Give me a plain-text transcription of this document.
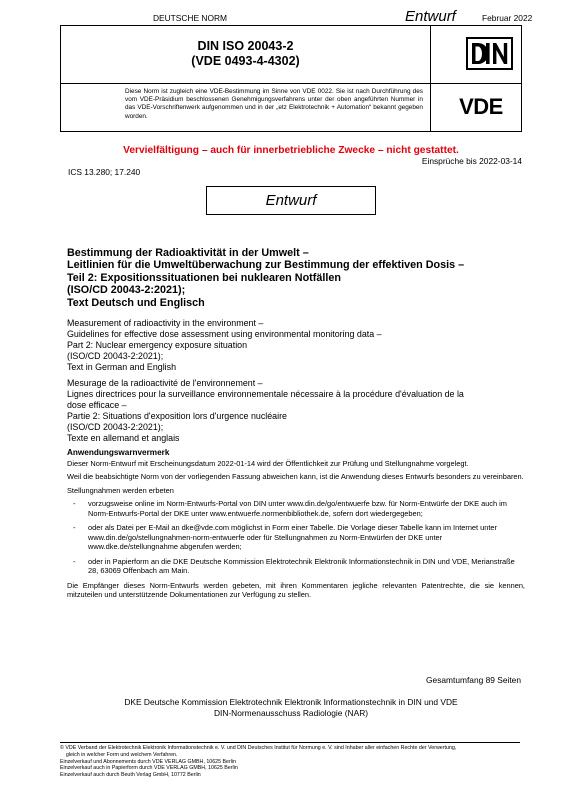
DEUTSCHE NORM	Entwurf	Februar 2022
DIN ISO 20043-2
(VDE 0493-4-4302)
Diese Norm ist zugleich eine VDE-Bestimmung im Sinne von VDE 0022. Sie ist nach Durchführung des vom VDE-Präsidium beschlossenen Genehmigungsverfahrens unter der oben angeführten Nummer in das VDE-Vorschriftenwerk aufgenommen und in der „etz Elektrotechnik + Automation“ bekannt gegeben worden.	VDE
Vervielfältigung – auch für innerbetriebliche Zwecke – nicht gestattet.
Einsprüche bis 2022-03-14
ICS 13.280; 17.240
Entwurf
Bestimmung der Radioaktivität in der Umwelt –
Leitlinien für die Umweltüberwachung zur Bestimmung der effektiven Dosis –
Teil 2: Expositionssituationen bei nuklearen Notfällen
(ISO/CD 20043-2:2021);
Text Deutsch und Englisch
Measurement of radioactivity in the environment –
Guidelines for effective dose assessment using environmental monitoring data –
Part 2: Nuclear emergency exposure situation
(ISO/CD 20043-2:2021);
Text in German and English
Mesurage de la radioactivité de l'environnement –
Lignes directrices pour la surveillance environnementale nécessaire à la procédure d'évaluation de la
dose efficace –
Partie 2: Situations d'exposition lors d'urgence nucléaire
(ISO/CD 20043-2:2021);
Texte en allemand et anglais
Anwendungswarnvermerk

Dieser Norm-Entwurf mit Erscheinungsdatum 2022-01-14 wird der Öffentlichkeit zur Prüfung und Stellungnahme vorgelegt.

Weil die beabsichtigte Norm von der vorliegenden Fassung abweichen kann, ist die Anwendung dieses Entwurfs besonders zu vereinbaren.

Stellungnahmen werden erbeten

-	vorzugsweise online im Norm-Entwurfs-Portal von DIN unter www.din.de/go/entwuerfe bzw. für Norm-Entwürfe der DKE auch im Norm-Entwurfs-Portal der DKE unter www.entwuerfe.normenbibliothek.de, sofern dort wiedergegeben;
-	oder als Datei per E-Mail an dke@vde.com möglichst in Form einer Tabelle. Die Vorlage dieser Tabelle kann im Internet unter www.din.de/go/stellungnahmen-norm-entwuerfe oder für Stellungnahmen zu Norm-Entwürfen der DKE unter www.dke.de/stellungnahme abgerufen werden;
-	oder in Papierform an die DKE Deutsche Kommission Elektrotechnik Elektronik Informationstechnik in DIN und VDE, Merianstraße 28, 63069 Offenbach am Main.

Die Empfänger dieses Norm-Entwurfs werden gebeten, mit ihren Kommentaren jegliche relevanten Patentrechte, die sie kennen, mitzuteilen und unterstützende Dokumentationen zur Verfügung zu stellen.

Gesamtumfang 89 Seiten
DKE Deutsche Kommission Elektrotechnik Elektronik Informationstechnik in DIN und VDE
DIN-Normenausschuss Radiologie (NAR)
© VDE Verband der Elektrotechnik Elektronik Informationstechnik e. V. und DIN Deutsches Institut für Normung e. V. sind Inhaber aller einfachen Rechte der Verwertung,
gleich in welcher Form und welchem Verfahren.
Einzelverkauf und Abonnements durch VDE VERLAG GMBH, 10625 Berlin
Einzelverkauf auch in Papierform durch VDE VERLAG GMBH, 10625 Berlin
Einzelverkauf auch durch Beuth Verlag GmbH, 10772 Berlin
